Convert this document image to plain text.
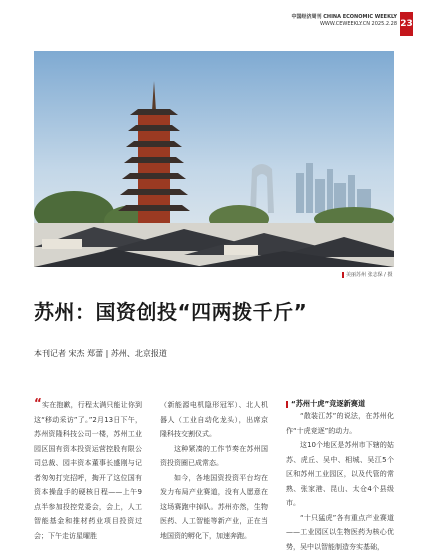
中国经济周刊 CHINA ECONOMIC WEEKLY
WWW.CEWEEKLY.CN 2025.2.28 23
美丽苏州 张志保 / 摄
苏州：国资创投“四两拨千斤”
本刊记者 宋杰 郑蕾 | 苏州、北京报道

“实在抱歉，行程太满只能让你到这“移动采访”了。”2月13日下午，苏州资隆科技公司一楼，苏州工业园区国有资本投资运营控股有限公司总裁、园丰资本董事长盛刚与记者匆匆打完招呼，掏开了这位国有资本操盘手的硬核日程——上午9点半参加投控党委会，会上，人工智能基金和推材药业项目投资过会；下午走访星曜胜

（新能源电机隐形冠军）、北人机器人（工业自动化龙头），出席京隆科技交割仪式。

这种紧凑的工作节奏在苏州国资投资圈已成常态。

如今，各地国资投资平台均在发力布局产业赛道，没有人愿意在这场赛跑中掉队。苏州亦然，生物医药、人工智能等新产业，正在当地国资的孵化下，加速奔跑。

“苏州十虎”竞逐新赛道

“散装江苏”的说法，在苏州化作“十虎竞逐”的动力。

这10个地区是苏州市下辖的姑苏、虎丘、吴中、相城、吴江5个区和苏州工业园区，以及代管的常熟、张家港、昆山、太仓4个县级市。

“十只猛虎”各有重点产业赛道——工业园区以生物医药为核心优势，吴中以智能制造夯实基础，
